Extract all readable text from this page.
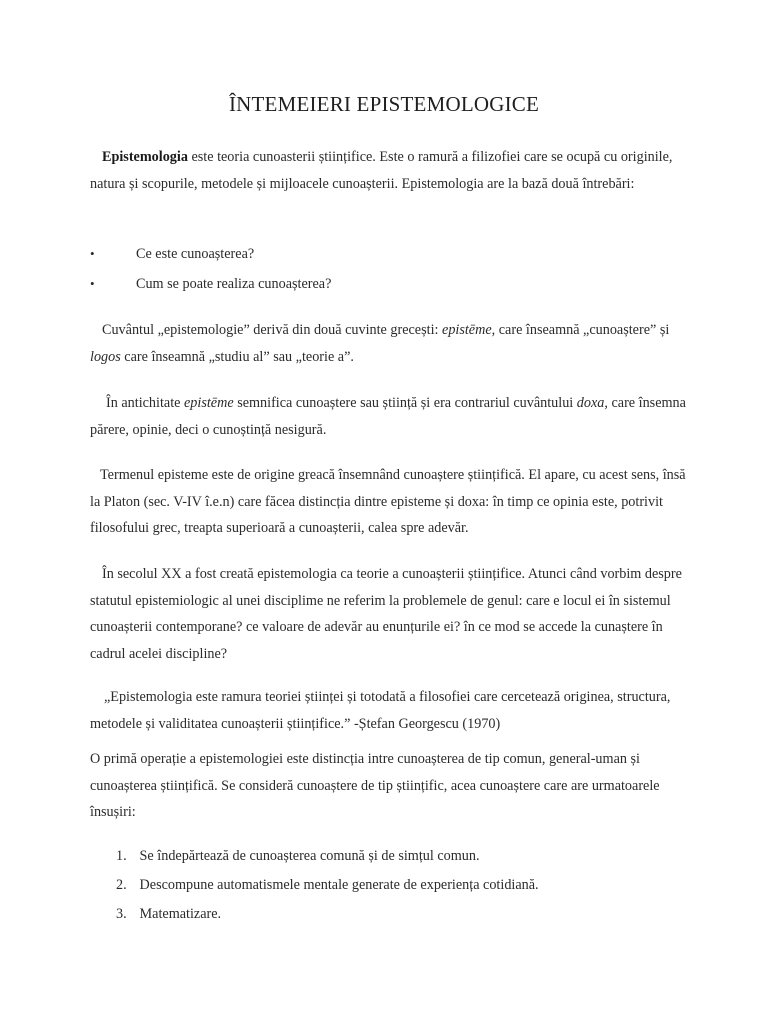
ÎNTEMEIERI EPISTEMOLOGICE

Epistemologia este teoria cunoasterii științifice. Este o ramură a filizofiei care se ocupă cu originile, natura și scopurile, metodele și mijloacele cunoașterii. Epistemologia are la bază două întrebări:

•	Ce este cunoașterea?
•	Cum se poate realiza cunoașterea?

Cuvântul „epistemologie” derivă din două cuvinte grecești: epistēme, care înseamnă „cunoaștere” și logos care înseamnă „studiu al” sau „teorie a”.

În antichitate epistēme semnifica cunoaștere sau știință și era contrariul cuvântului doxa, care însemna părere, opinie, deci o cunoștință nesigură.

Termenul episteme este de origine greacă însemnând cunoaștere științifică. El apare, cu acest sens, însă la Platon (sec. V-IV î.e.n) care făcea distincția dintre episteme și doxa: în timp ce opinia este, potrivit filosofului grec, treapta superioară a cunoașterii, calea spre adevăr.

În secolul XX a fost creată epistemologia ca teorie a cunoașterii științifice. Atunci când vorbim despre statutul epistemiologic al unei disciplime ne referim la problemele de genul: care e locul ei în sistemul cunoașterii contemporane? ce valoare de adevăr au enunțurile ei? în ce mod se accede la cunaștere în cadrul acelei discipline?

„Epistemologia este ramura teoriei științei și totodată a filosofiei care cercetează originea, structura, metodele și validitatea cunoașterii științifice.” -Ștefan Georgescu (1970)

O primă operație a epistemologiei este distincția intre cunoașterea de tip comun, general-uman și cunoașterea științifică. Se consideră cunoaștere de tip științific, acea cunoaștere care are urmatoarele însușiri:

1. Se îndepărtează de cunoașterea comună și de simțul comun.
2. Descompune automatismele mentale generate de experiența cotidiană.
3. Matematizare.
